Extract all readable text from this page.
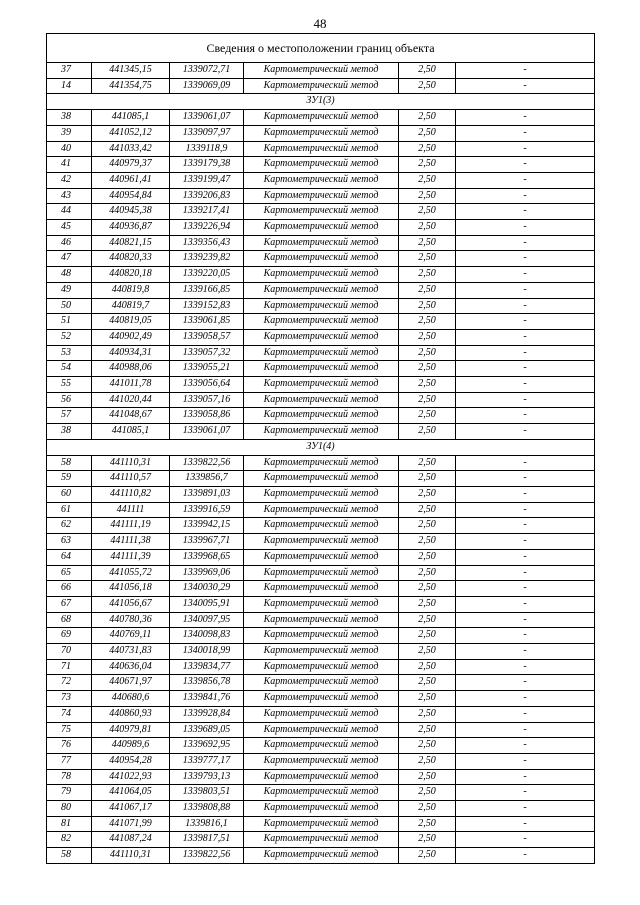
48
Сведения о местоположении границ объекта					
37	441345,15	1339072,71	Картометрический метод	2,50	-
14	441354,75	1339069,09	Картометрический метод	2,50	-
ЗУ1(3)					
38	441085,1	1339061,07	Картометрический метод	2,50	-
39	441052,12	1339097,97	Картометрический метод	2,50	-
40	441033,42	1339118,9	Картометрический метод	2,50	-
41	440979,37	1339179,38	Картометрический метод	2,50	-
42	440961,41	1339199,47	Картометрический метод	2,50	-
43	440954,84	1339206,83	Картометрический метод	2,50	-
44	440945,38	1339217,41	Картометрический метод	2,50	-
45	440936,87	1339226,94	Картометрический метод	2,50	-
46	440821,15	1339356,43	Картометрический метод	2,50	-
47	440820,33	1339239,82	Картометрический метод	2,50	-
48	440820,18	1339220,05	Картометрический метод	2,50	-
49	440819,8	1339166,85	Картометрический метод	2,50	-
50	440819,7	1339152,83	Картометрический метод	2,50	-
51	440819,05	1339061,85	Картометрический метод	2,50	-
52	440902,49	1339058,57	Картометрический метод	2,50	-
53	440934,31	1339057,32	Картометрический метод	2,50	-
54	440988,06	1339055,21	Картометрический метод	2,50	-
55	441011,78	1339056,64	Картометрический метод	2,50	-
56	441020,44	1339057,16	Картометрический метод	2,50	-
57	441048,67	1339058,86	Картометрический метод	2,50	-
38	441085,1	1339061,07	Картометрический метод	2,50	-
ЗУ1(4)					
58	441110,31	1339822,56	Картометрический метод	2,50	-
59	441110,57	1339856,7	Картометрический метод	2,50	-
60	441110,82	1339891,03	Картометрический метод	2,50	-
61	441111	1339916,59	Картометрический метод	2,50	-
62	441111,19	1339942,15	Картометрический метод	2,50	-
63	441111,38	1339967,71	Картометрический метод	2,50	-
64	441111,39	1339968,65	Картометрический метод	2,50	-
65	441055,72	1339969,06	Картометрический метод	2,50	-
66	441056,18	1340030,29	Картометрический метод	2,50	-
67	441056,67	1340095,91	Картометрический метод	2,50	-
68	440780,36	1340097,95	Картометрический метод	2,50	-
69	440769,11	1340098,83	Картометрический метод	2,50	-
70	440731,83	1340018,99	Картометрический метод	2,50	-
71	440636,04	1339834,77	Картометрический метод	2,50	-
72	440671,97	1339856,78	Картометрический метод	2,50	-
73	440680,6	1339841,76	Картометрический метод	2,50	-
74	440860,93	1339928,84	Картометрический метод	2,50	-
75	440979,81	1339689,05	Картометрический метод	2,50	-
76	440989,6	1339692,95	Картометрический метод	2,50	-
77	440954,28	1339777,17	Картометрический метод	2,50	-
78	441022,93	1339793,13	Картометрический метод	2,50	-
79	441064,05	1339803,51	Картометрический метод	2,50	-
80	441067,17	1339808,88	Картометрический метод	2,50	-
81	441071,99	1339816,1	Картометрический метод	2,50	-
82	441087,24	1339817,51	Картометрический метод	2,50	-
58	441110,31	1339822,56	Картометрический метод	2,50	-
